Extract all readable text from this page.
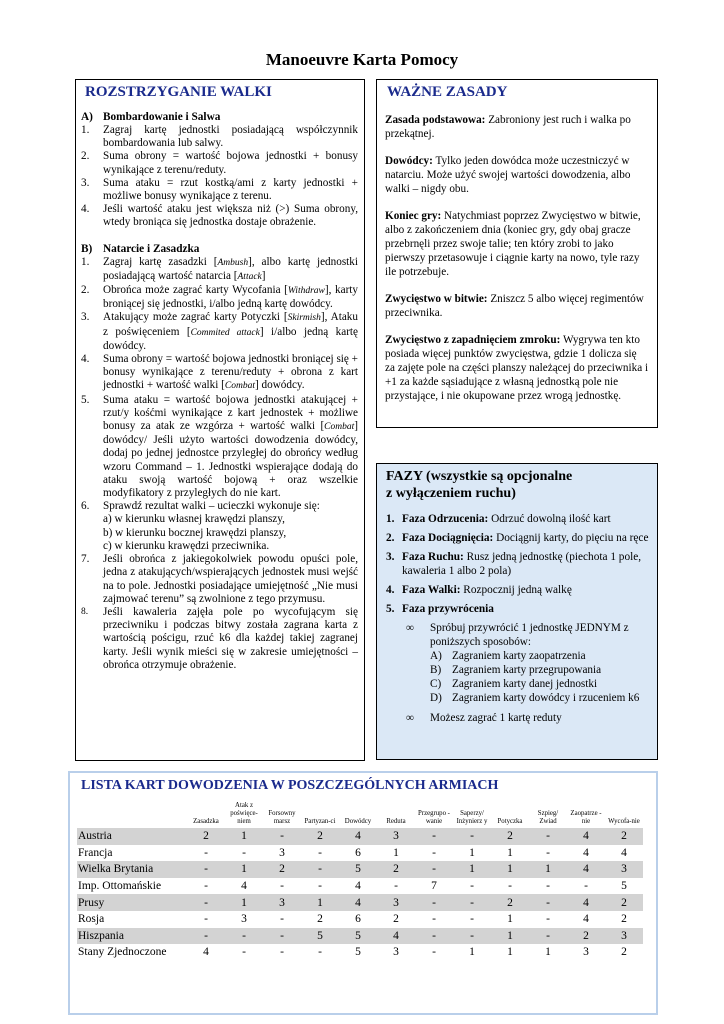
Manoeuvre Karta Pomocy
ROZSTRZYGANIE WALKI

A) Bombardowanie i Salwa

1.	Zagraj kartę jednostki posiadającą współczynnik bombardowania lub salwy.
2.	Suma obrony = wartość bojowa jednostki + bonusy wynikające z terenu/reduty.
3.	Suma ataku = rzut kostką/ami z karty jednostki + możliwe bonusy wynikające z terenu.
4.	Jeśli wartość ataku jest większa niż (>) Suma obrony, wtedy broniąca się jednostka dostaje obrażenie.

B) Natarcie i Zasadzka

1.	Zagraj kartę zasadzki [Ambush], albo kartę jednostki posiadającą wartość natarcia [Attack]
2.	Obrońca może zagrać karty Wycofania [Withdraw], karty broniącej się jednostki, i/albo jedną kartę dowódcy.
3.	Atakujący może zagrać karty Potyczki [Skirmish], Ataku z poświęceniem [Commited attack] i/albo jedną kartę dowódcy.
4.	Suma obrony = wartość bojowa jednostki broniącej się + bonusy wynikające z terenu/reduty + obrona z kart jednostki + wartość walki [Combat] dowódcy.
5.	Suma ataku = wartość bojowa jednostki atakującej + rzut/y kośćmi wynikające z kart jednostek + możliwe bonusy za atak ze wzgórza + wartość walki [Combat] dowódcy/ Jeśli użyto wartości dowodzenia dowódcy, dodaj po jednej jednostce przyległej do obrońcy według wzoru Command – 1. Jednostki wspierające dodają do ataku swoją wartość bojową + oraz wszelkie modyfikatory z przyległych do nie kart.
6.	Sprawdź rezultat walki – ucieczki wykonuje się:
a) w kierunku własnej krawędzi planszy,
b) w kierunku bocznej krawędzi planszy,
c) w kierunku krawędzi przeciwnika.
7.	Jeśli obrońca z jakiegokolwiek powodu opuści pole, jedna z atakujących/wspierających jednostek musi wejść na to pole. Jednostki posiadające umiejętność „Nie musi zajmować terenu” są zwolnione z tego przymusu.
8.	Jeśli kawaleria zajęła pole po wycofującym się przeciwniku i podczas bitwy została zagrana karta z wartością pościgu, rzuć k6 dla każdej takiej zagranej karty. Jeśli wynik mieści się w zakresie umiejętności – obrońca otrzymuje obrażenie.
WAŻNE ZASADY

Zasada podstawowa: Zabroniony jest ruch i walka po przekątnej.

Dowódcy: Tylko jeden dowódca może uczestniczyć w natarciu. Może użyć swojej wartości dowodzenia, albo walki – nigdy obu.

Koniec gry: Natychmiast poprzez Zwycięstwo w bitwie, albo z zakończeniem dnia (koniec gry, gdy obaj gracze przebrnęli przez swoje talie; ten który zrobi to jako pierwszy przetasowuje i ciągnie karty na nowo, tyle razy ile potrzebuje.

Zwycięstwo w bitwie: Zniszcz 5 albo więcej regimentów przeciwnika.

Zwycięstwo z zapadnięciem zmroku: Wygrywa ten kto posiada więcej punktów zwycięstwa, gdzie 1 dolicza się za zajęte pole na części planszy należącej do przeciwnika i +1 za każde sąsiadujące z własną jednostką pole nie przystające, i nie okupowane przez wrogą jednostkę.

FAZY (wszystkie są opcjonalne
z wyłączeniem ruchu)
1. Faza Odrzucenia: Odrzuć dowolną ilość kart
2. Faza Dociągnięcia: Dociągnij karty, do pięciu na ręce
3. Faza Ruchu: Rusz jedną jednostkę (piechota 1 pole, kawaleria 1 albo 2 pola)
4. Faza Walki: Rozpocznij jedną walkę
5. Faza przywrócenia
∞	Spróbuj przywrócić 1 jednostkę JEDNYM z poniższych sposobów:
A) Zagraniem karty zaopatrzenia
B) Zagraniem karty przegrupowania
C) Zagraniem karty danej jednostki
D) Zagraniem karty dowódcy i rzuceniem k6
∞	Możesz zagrać 1 kartę reduty
LISTA KART DOWODZENIA W POSZCZEGÓLNYCH ARMIACH
	Zasadzka	Atak z poświęce-niem	Forsowny marsz	Partyzan-ci	Dowódcy	Reduta	Przegrupo -wanie	Saperzy/ Inżynierz y	Potyczka	Szpieg/ Zwiad	Zaopatrze -nie	Wycofa-nie
Austria	2	1	-	2	4	3	-	-	2	-	4	2
Francja	-	-	3	-	6	1	-	1	1	-	4	4
Wielka Brytania	-	1	2	-	5	2	-	1	1	1	4	3
Imp. Ottomańskie	-	4	-	-	4	-	7	-	-	-	-	5
Prusy	-	1	3	1	4	3	-	-	2	-	4	2
Rosja	-	3	-	2	6	2	-	-	1	-	4	2
Hiszpania	-	-	-	5	5	4	-	-	1	-	2	3
Stany Zjednoczone	4	-	-	-	5	3	-	1	1	1	3	2
